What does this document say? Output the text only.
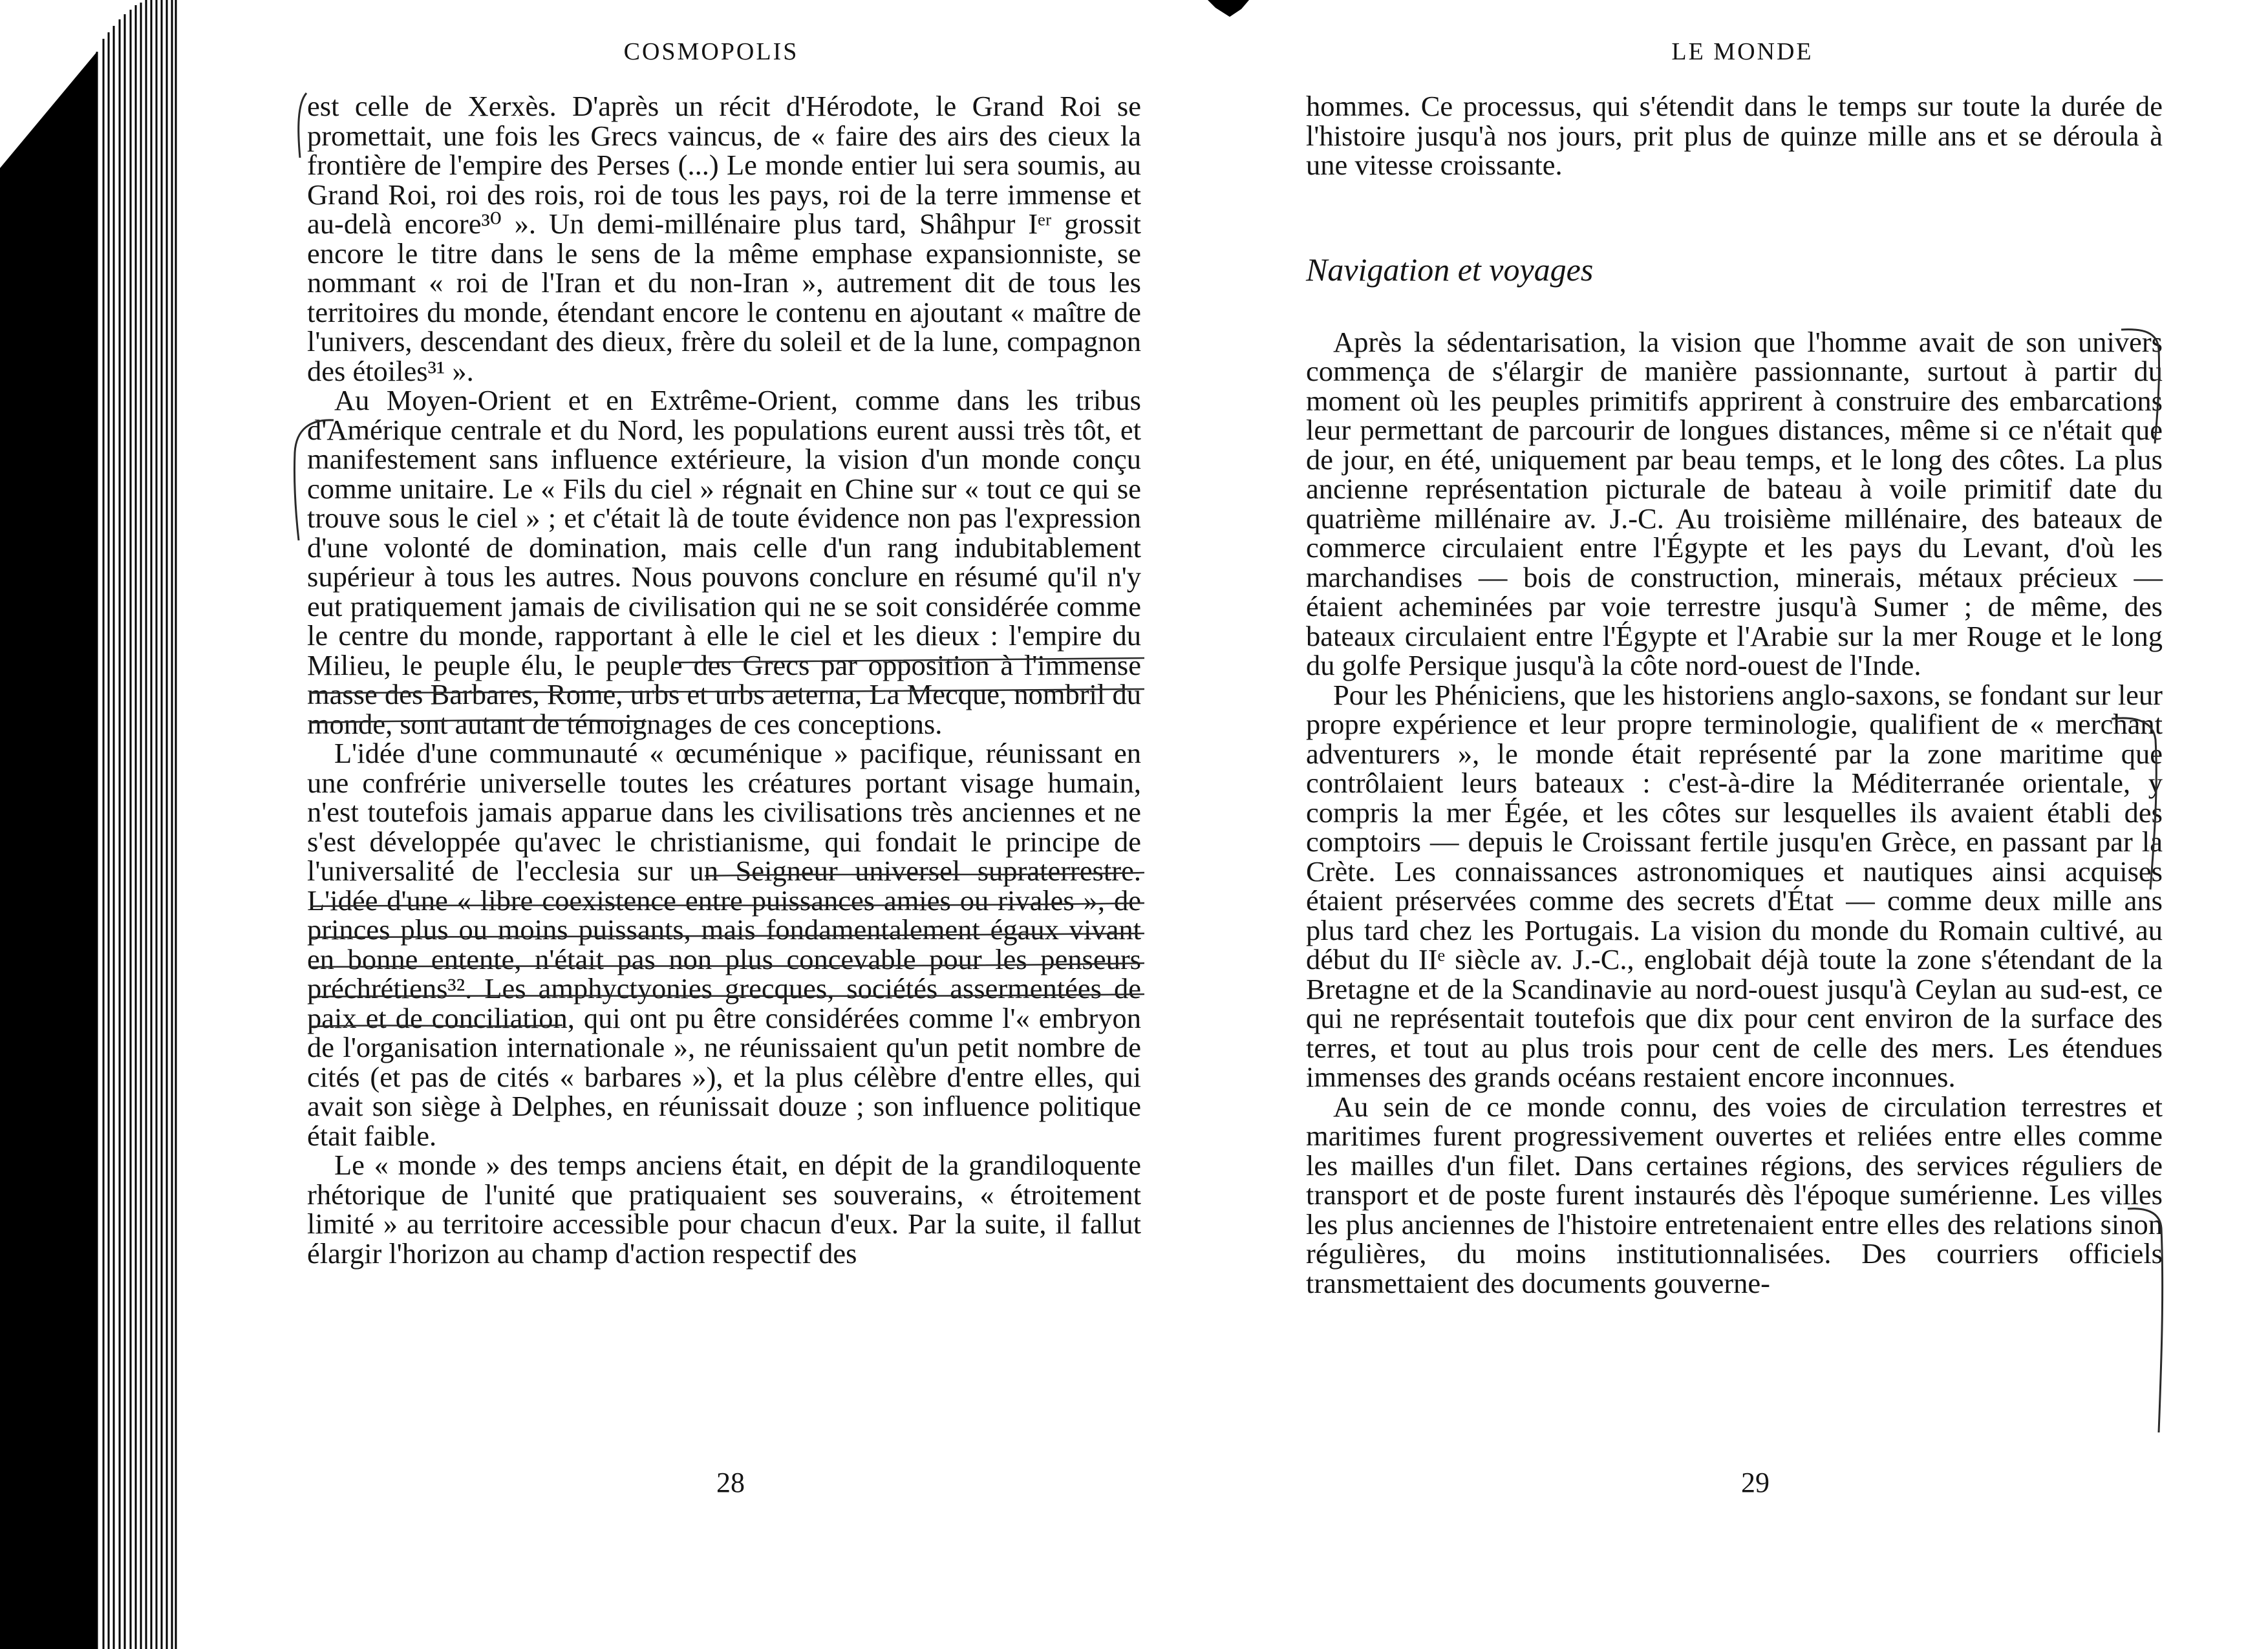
COSMOPOLIS

est celle de Xerxès. D'après un récit d'Hérodote, le Grand Roi se promettait, une fois les Grecs vaincus, de « faire des airs des cieux la frontière de l'empire des Perses (...) Le monde entier lui sera soumis, au Grand Roi, roi des rois, roi de tous les pays, roi de la terre immense et au-delà encore³⁰ ». Un demi-millénaire plus tard, Shâhpur Iᵉʳ grossit encore le titre dans le sens de la même emphase expansionniste, se nommant « roi de l'Iran et du non-Iran », autrement dit de tous les territoires du monde, étendant encore le contenu en ajoutant « maître de l'univers, descendant des dieux, frère du soleil et de la lune, compagnon des étoiles³¹ ».

Au Moyen-Orient et en Extrême-Orient, comme dans les tribus d'Amérique centrale et du Nord, les populations eurent aussi très tôt, et manifestement sans influence extérieure, la vision d'un monde conçu comme unitaire. Le « Fils du ciel » régnait en Chine sur « tout ce qui se trouve sous le ciel » ; et c'était là de toute évidence non pas l'expression d'une volonté de domination, mais celle d'un rang indubitablement supérieur à tous les autres. Nous pouvons conclure en résumé qu'il n'y eut pratiquement jamais de civilisation qui ne se soit considérée comme le centre du monde, rapportant à elle le ciel et les dieux : l'empire du Milieu, le peuple élu, le peuple des Grecs par opposition à l'immense masse des Barbares, Rome, urbs et urbs aeterna, La Mecque, nombril du monde, sont autant de témoignages de ces conceptions.

L'idée d'une communauté « œcuménique » pacifique, réunissant en une confrérie universelle toutes les créatures portant visage humain, n'est toutefois jamais apparue dans les civilisations très anciennes et ne s'est développée qu'avec le christianisme, qui fondait le principe de l'universalité de l'ecclesia sur un Seigneur universel supraterrestre. L'idée d'une « libre coexistence entre puissances amies ou rivales », de princes plus ou moins puissants, mais fondamentalement égaux vivant en bonne entente, n'était pas non plus concevable pour les penseurs préchrétiens³². Les amphyctyonies grecques, sociétés assermentées de paix et de conciliation, qui ont pu être considérées comme l'« embryon de l'organisation internationale », ne réunissaient qu'un petit nombre de cités (et pas de cités « barbares »), et la plus célèbre d'entre elles, qui avait son siège à Delphes, en réunissait douze ; son influence politique était faible.

Le « monde » des temps anciens était, en dépit de la grandiloquente rhétorique de l'unité que pratiquaient ses souverains, « étroitement limité » au territoire accessible pour chacun d'eux. Par la suite, il fallut élargir l'horizon au champ d'action respectif des

28
LE MONDE

hommes. Ce processus, qui s'étendit dans le temps sur toute la durée de l'histoire jusqu'à nos jours, prit plus de quinze mille ans et se déroula à une vitesse croissante.

Navigation et voyages

Après la sédentarisation, la vision que l'homme avait de son univers commença de s'élargir de manière passionnante, surtout à partir du moment où les peuples primitifs apprirent à construire des embarcations leur permettant de parcourir de longues distances, même si ce n'était que de jour, en été, uniquement par beau temps, et le long des côtes. La plus ancienne représentation picturale de bateau à voile primitif date du quatrième millénaire av. J.-C. Au troisième millénaire, des bateaux de commerce circulaient entre l'Égypte et les pays du Levant, d'où les marchandises — bois de construction, minerais, métaux précieux — étaient acheminées par voie terrestre jusqu'à Sumer ; de même, des bateaux circulaient entre l'Égypte et l'Arabie sur la mer Rouge et le long du golfe Persique jusqu'à la côte nord-ouest de l'Inde.

Pour les Phéniciens, que les historiens anglo-saxons, se fondant sur leur propre expérience et leur propre terminologie, qualifient de « merchant adventurers », le monde était représenté par la zone maritime que contrôlaient leurs bateaux : c'est-à-dire la Méditerranée orientale, y compris la mer Égée, et les côtes sur lesquelles ils avaient établi des comptoirs — depuis le Croissant fertile jusqu'en Grèce, en passant par la Crète. Les connaissances astronomiques et nautiques ainsi acquises étaient préservées comme des secrets d'État — comme deux mille ans plus tard chez les Portugais. La vision du monde du Romain cultivé, au début du IIᵉ siècle av. J.-C., englobait déjà toute la zone s'étendant de la Bretagne et de la Scandinavie au nord-ouest jusqu'à Ceylan au sud-est, ce qui ne représentait toutefois que dix pour cent environ de la surface des terres, et tout au plus trois pour cent de celle des mers. Les étendues immenses des grands océans restaient encore inconnues.

Au sein de ce monde connu, des voies de circulation terrestres et maritimes furent progressivement ouvertes et reliées entre elles comme les mailles d'un filet. Dans certaines régions, des services réguliers de transport et de poste furent instaurés dès l'époque sumérienne. Les villes les plus anciennes de l'histoire entretenaient entre elles des relations sinon régulières, du moins institutionnalisées. Des courriers officiels transmettaient des documents gouverne-

29
